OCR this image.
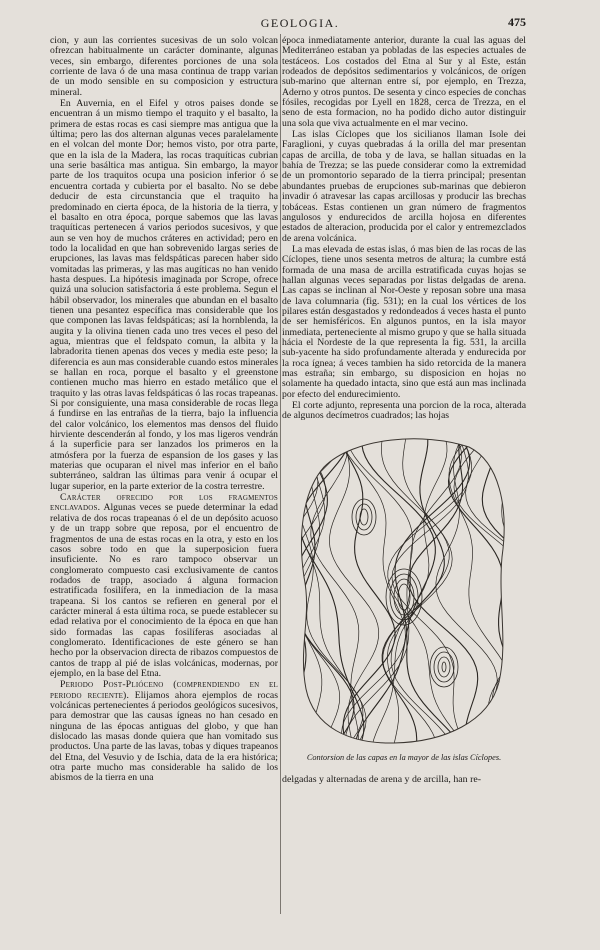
GEOLOGIA.	475

cion, y aun las corrientes sucesivas de un solo volcan ofrezcan habitualmente un carácter dominante, algunas veces, sin embargo, diferentes porciones de una sola corriente de lava ó de una masa continua de trapp varian de un modo sensible en su composicion y estructura mineral.

En Auvernia, en el Eifel y otros paises donde se encuentran á un mismo tiempo el traquito y el basalto, la primera de estas rocas es casi siempre mas antigua que la última; pero las dos alternan algunas veces paralelamente en el volcan del monte Dor; hemos visto, por otra parte, que en la isla de la Madera, las rocas traquíticas cubrian una serie basáltica mas antigua. Sin embargo, la mayor parte de los traquitos ocupa una posicion inferior ó se encuentra cortada y cubierta por el basalto. No se debe deducir de esta circunstancia que el traquito ha predominado en cierta época, de la historia de la tierra, y el basalto en otra época, porque sabemos que las lavas traquíticas pertenecen á varios periodos sucesivos, y que aun se ven hoy de muchos cráteres en actividad; pero en todo la localidad en que han sobrevenido largas series de erupciones, las lavas mas feldspáticas parecen haber sido vomitadas las primeras, y las mas augíticas no han venido hasta despues. La hipótesis imaginada por Scrope, ofrece quizá una solucion satisfactoria á este problema. Segun el hábil observador, los minerales que abundan en el basalto tienen una pesantez específica mas considerable que los que componen las lavas feldspáticas; así la hornblenda, la augita y la olivina tienen cada uno tres veces el peso del agua, mientras que el feldspato comun, la albita y la labradorita tienen apenas dos veces y media este peso; la diferencia es aun mas considerable cuando estos minerales se hallan en roca, porque el basalto y el greenstone contienen mucho mas hierro en estado metálico que el traquito y las otras lavas feldspáticas ó las rocas trapeanas. Si por consiguiente, una masa considerable de rocas llega á fundirse en las entrañas de la tierra, bajo la influencia del calor volcánico, los elementos mas densos del fluido hirviente descenderán al fondo, y los mas ligeros vendrán á la superficie para ser lanzados los primeros en la atmósfera por la fuerza de espansion de los gases y las materias que ocuparan el nivel mas inferior en el baño subterráneo, saldran las últimas para venir á ocupar el lugar superior, en la parte exterior de la costra terrestre.

Carácter ofrecido por los fragmentos enclavados. Algunas veces se puede determinar la edad relativa de dos rocas trapeanas ó el de un depósito acuoso y de un trapp sobre que reposa, por el encuentro de fragmentos de una de estas rocas en la otra, y esto en los casos sobre todo en que la superposicion fuera insuficiente. No es raro tampoco observar un conglomerato compuesto casi exclusivamente de cantos rodados de trapp, asociado á alguna formacion estratificada fosilífera, en la inmediacion de la masa trapeana. Si los cantos se refieren en general por el carácter mineral á esta última roca, se puede establecer su edad relativa por el conocimiento de la época en que han sido formadas las capas fosilíferas asociadas al conglomerato. Identificaciones de este género se han hecho por la observacion directa de ribazos compuestos de cantos de trapp al pié de islas volcánicas, modernas, por ejemplo, en la base del Etna.

Periodo Post-Plióceno (comprendiendo en el periodo reciente). Elijamos ahora ejemplos de rocas volcánicas pertenecientes á periodos geológicos sucesivos, para demostrar que las causas ígneas no han cesado en ninguna de las épocas antiguas del globo, y que han dislocado las masas donde quiera que han vomitado sus productos. Una parte de las lavas, tobas y diques trapeanos del Etna, del Vesuvio y de Ischia, data de la era histórica; otra parte mucho mas considerable ha salido de los abismos de la tierra en una

época inmediatamente anterior, durante la cual las aguas del Mediterráneo estaban ya pobladas de las especies actuales de testáceos. Los costados del Etna al Sur y al Este, están rodeados de depósitos sedimentarios y volcánicos, de orígen sub-marino que alternan entre sí, por ejemplo, en Trezza, Aderno y otros puntos. De sesenta y cinco especies de conchas fósiles, recogidas por Lyell en 1828, cerca de Trezza, en el seno de esta formacion, no ha podido dicho autor distinguir una sola que viva actualmente en el mar vecino.

Las islas Cíclopes que los sicilianos llaman Isole dei Faraglioni, y cuyas quebradas á la orilla del mar presentan capas de arcilla, de toba y de lava, se hallan situadas en la bahía de Trezza; se las puede considerar como la extremidad de un promontorio separado de la tierra principal; presentan abundantes pruebas de erupciones sub-marinas que debieron invadir ó atravesar las capas arcillosas y producir las brechas tobáceas. Estas contienen un gran número de fragmentos angulosos y endurecidos de arcilla hojosa en diferentes estados de alteracion, producida por el calor y entremezclados de arena volcánica.

La mas elevada de estas islas, ó mas bien de las rocas de las Cíclopes, tiene unos sesenta metros de altura; la cumbre está formada de una masa de arcilla estratificada cuyas hojas se hallan algunas veces separadas por listas delgadas de arena. Las capas se inclinan al Nor-Oeste y reposan sobre una masa de lava columnaria (fig. 531); en la cual los vértices de los pilares están desgastados y redondeados á veces hasta el punto de ser hemisféricos. En algunos puntos, en la isla mayor inmediata, perteneciente al mismo grupo y que se halla situada hácia el Nordeste de la que representa la fig. 531, la arcilla sub-yacente ha sido profundamente alterada y endurecida por la roca ígnea; á veces tambien ha sido retorcida de la manera mas estraña; sin embargo, su disposicion en hojas no solamente ha quedado intacta, sino que está aun mas inclinada por efecto del endurecimiento.

El corte adjunto, representa una porcion de la roca, alterada de algunos decímetros cuadrados; las hojas

Contorsion de las capas en la mayor de las islas Cíclopes.

delgadas y alternadas de arena y de arcilla, han re-
